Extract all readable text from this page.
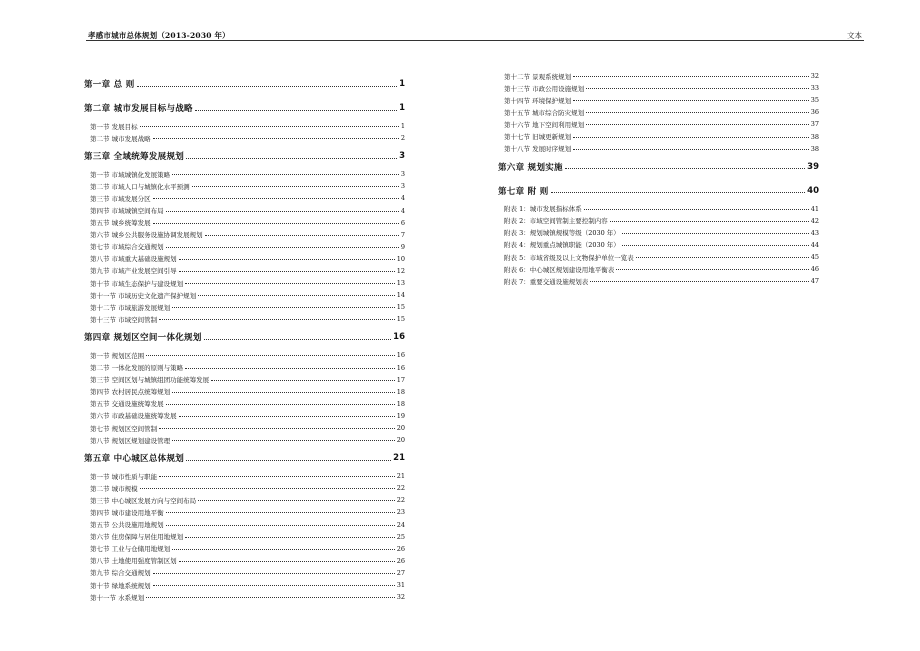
孝感市城市总体规划（2013-2030 年）	文本
第一章 总 则	1
第二章 城市发展目标与战略	1
第一节 发展目标	1
第二节 城市发展战略	2
第三章 全域统筹发展规划	3
第一节 市域城镇化发展策略	3
第二节 市域人口与城镇化水平预测	3
第三节 市域发展分区	4
第四节 市域城镇空间布局	4
第五节 城乡统筹发展	6
第六节 城乡公共服务设施协调发展规划	7
第七节 市域综合交通规划	9
第八节 市域重大基础设施规划	10
第九节 市域产业发展空间引导	12
第十节 市域生态保护与建设规划	13
第十一节 市域历史文化遗产保护规划	14
第十二节 市域旅游发展规划	15
第十三节 市域空间管制	15
第四章 规划区空间一体化规划	16
第一节 规划区范围	16
第二节 一体化发展的原则与策略	16
第三节 空间区划与城镇组团功能统筹发展	17
第四节 农村居民点统筹规划	18
第五节 交通设施统筹发展	18
第六节 市政基础设施统筹发展	19
第七节 规划区空间管制	20
第八节 规划区规划建设管理	20
第五章 中心城区总体规划	21
第一节 城市性质与职能	21
第二节 城市规模	22
第三节 中心城区发展方向与空间布局	22
第四节 城市建设用地平衡	23
第五节 公共设施用地规划	24
第六节 住房保障与居住用地规划	25
第七节 工业与仓储用地规划	26
第八节 土地使用强度管制区划	26
第九节 综合交通规划	27
第十节 绿地系统规划	31
第十一节 水系规划	32
第十二节 景观系统规划	32
第十三节 市政公用设施规划	33
第十四节 环境保护规划	35
第十五节 城市综合防灾规划	36
第十六节 地下空间利用规划	37
第十七节 旧城更新规划	38
第十八节 发展时序规划	38
第六章 规划实施	39
第七章 附 则	40
附表 1：城市发展指标体系	41
附表 2：市域空间管制主要控制内容	42
附表 3：规划城镇规模等级（2030 年）	43
附表 4：规划重点城镇职能（2030 年）	44
附表 5：市域省级及以上文物保护单位一览表	45
附表 6：中心城区规划建设用地平衡表	46
附表 7：重要交通设施规划表	47
